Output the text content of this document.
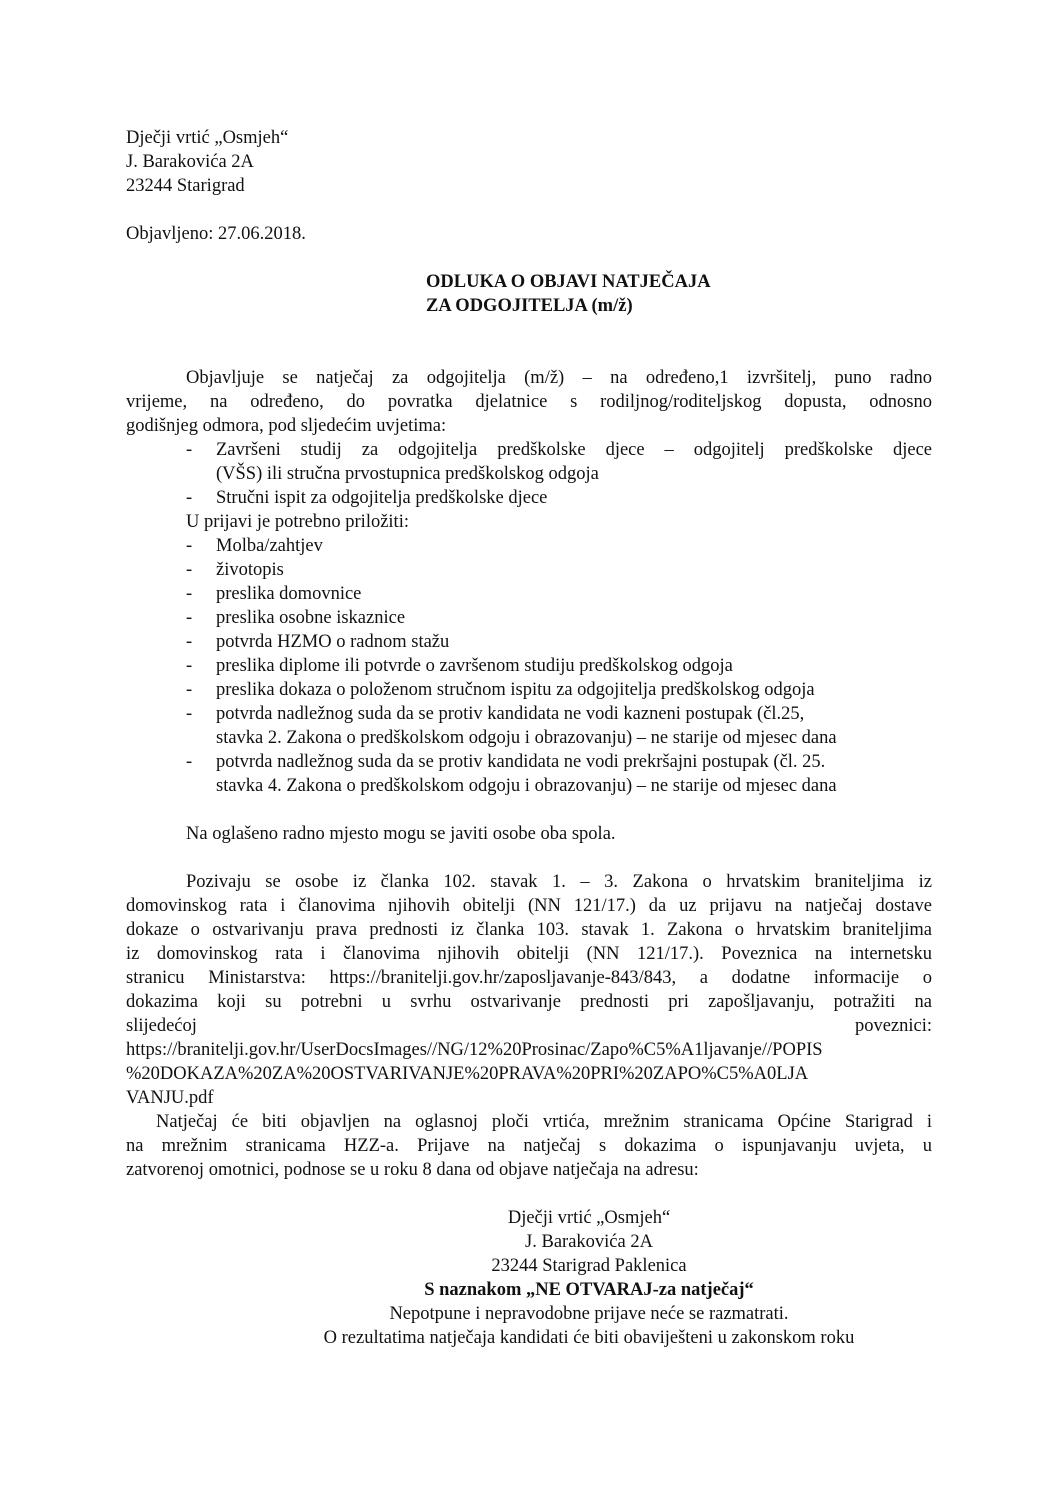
Dječji vrtić „Osmjeh“
J. Barakovića 2A
23244 Starigrad
Objavljeno: 27.06.2018.
ODLUKA O OBJAVI NATJEČAJA
ZA ODGOJITELJA (m/ž)
Objavljuje se natječaj za odgojitelja (m/ž) – na određeno,1 izvršitelj, puno radno
vrijeme, na određeno, do povratka djelatnice s rodiljnog/roditeljskog dopusta, odnosno
godišnjeg odmora, pod sljedećim uvjetima:
-	Završeni studij za odgojitelja predškolske djece – odgojitelj predškolske djece
(VŠS) ili stručna prvostupnica predškolskog odgoja
-	Stručni ispit za odgojitelja predškolske djece
U prijavi je potrebno priložiti:
-	Molba/zahtjev
-	životopis
-	preslika domovnice
-	preslika osobne iskaznice
-	potvrda HZMO o radnom stažu
-	preslika diplome ili potvrde o završenom studiju predškolskog odgoja
-	preslika dokaza o položenom stručnom ispitu za odgojitelja predškolskog odgoja
-	potvrda nadležnog suda da se protiv kandidata ne vodi kazneni postupak (čl.25,
stavka 2. Zakona o predškolskom odgoju i obrazovanju) – ne starije od mjesec dana
-	potvrda nadležnog suda da se protiv kandidata ne vodi prekršajni postupak (čl. 25.
stavka 4. Zakona o predškolskom odgoju i obrazovanju) – ne starije od mjesec dana
Na oglašeno radno mjesto mogu se javiti osobe oba spola.
Pozivaju se osobe iz članka 102. stavak 1. – 3. Zakona o hrvatskim braniteljima iz
domovinskog rata i članovima njihovih obitelji (NN 121/17.) da uz prijavu na natječaj dostave
dokaze o ostvarivanju prava prednosti iz članka 103. stavak 1. Zakona o hrvatskim braniteljima
iz domovinskog rata i članovima njihovih obitelji (NN 121/17.). Poveznica na internetsku
stranicu Ministarstva: https://branitelji.gov.hr/zaposljavanje-843/843, a dodatne informacije o
dokazima koji su potrebni u svrhu ostvarivanje prednosti pri zapošljavanju, potražiti na
slijedećoj	poveznici:
https://branitelji.gov.hr/UserDocsImages//NG/12%20Prosinac/Zapo%C5%A1ljavanje//POPIS
%20DOKAZA%20ZA%20OSTVARIVANJE%20PRAVA%20PRI%20ZAPO%C5%A0LJA
VANJU.pdf
Natječaj će biti objavljen na oglasnoj ploči vrtića, mrežnim stranicama Općine Starigrad i
na mrežnim stranicama HZZ-a. Prijave na natječaj s dokazima o ispunjavanju uvjeta, u
zatvorenoj omotnici, podnose se u roku 8 dana od objave natječaja na adresu:
Dječji vrtić „Osmjeh“
J. Barakovića 2A
23244 Starigrad Paklenica
S naznakom „NE OTVARAJ-za natječaj“
Nepotpune i nepravodobne prijave neće se razmatrati.
O rezultatima natječaja kandidati će biti obaviješteni u zakonskom roku
